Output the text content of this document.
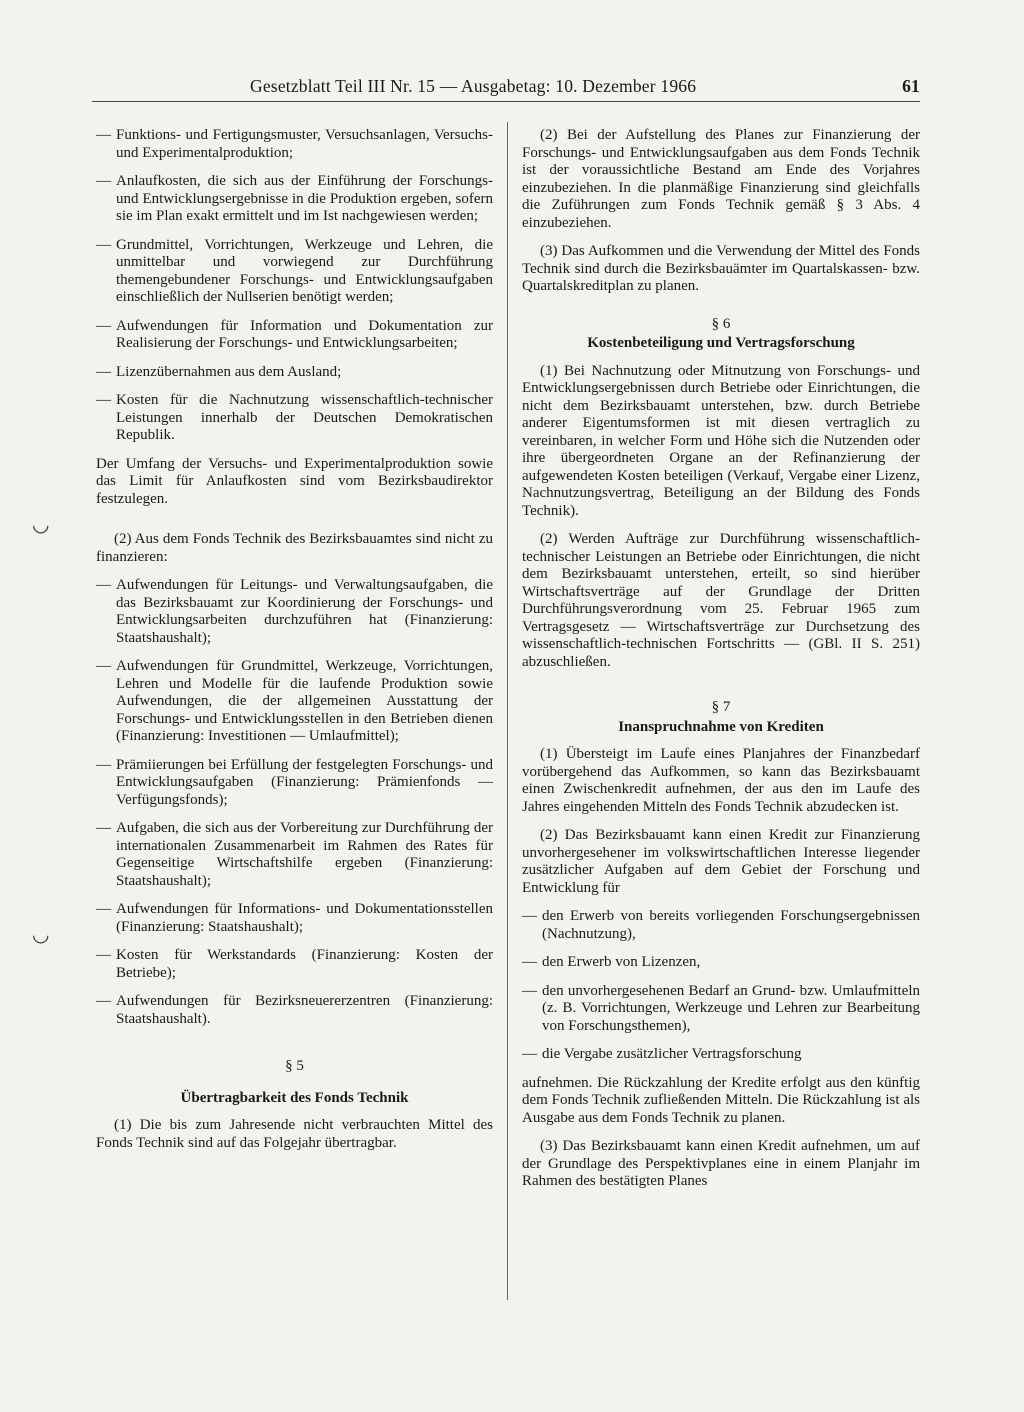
Gesetzblatt Teil III Nr. 15 — Ausgabetag: 10. Dezember 1966	61
◡
◡
— Funktions- und Fertigungsmuster, Versuchsanlagen, Versuchs- und Experimentalproduktion;
— Anlaufkosten, die sich aus der Einführung der Forschungs- und Entwicklungsergebnisse in die Produktion ergeben, sofern sie im Plan exakt ermittelt und im Ist nachgewiesen werden;
— Grundmittel, Vorrichtungen, Werkzeuge und Lehren, die unmittelbar und vorwiegend zur Durchführung themengebundener Forschungs- und Entwicklungsaufgaben einschließlich der Nullserien benötigt werden;
— Aufwendungen für Information und Dokumentation zur Realisierung der Forschungs- und Entwicklungsarbeiten;
— Lizenzübernahmen aus dem Ausland;
— Kosten für die Nachnutzung wissenschaftlich-technischer Leistungen innerhalb der Deutschen Demokratischen Republik.
Der Umfang der Versuchs- und Experimentalproduktion sowie das Limit für Anlaufkosten sind vom Bezirksbaudirektor festzulegen.
(2) Aus dem Fonds Technik des Bezirksbauamtes sind nicht zu finanzieren:
— Aufwendungen für Leitungs- und Verwaltungsaufgaben, die das Bezirksbauamt zur Koordinierung der Forschungs- und Entwicklungsarbeiten durchzuführen hat (Finanzierung: Staatshaushalt);
— Aufwendungen für Grundmittel, Werkzeuge, Vorrichtungen, Lehren und Modelle für die laufende Produktion sowie Aufwendungen, die der allgemeinen Ausstattung der Forschungs- und Entwicklungsstellen in den Betrieben dienen (Finanzierung: Investitionen — Umlaufmittel);
— Prämiierungen bei Erfüllung der festgelegten Forschungs- und Entwicklungsaufgaben (Finanzierung: Prämienfonds — Verfügungsfonds);
— Aufgaben, die sich aus der Vorbereitung zur Durchführung der internationalen Zusammenarbeit im Rahmen des Rates für Gegenseitige Wirtschaftshilfe ergeben (Finanzierung: Staatshaushalt);
— Aufwendungen für Informations- und Dokumentationsstellen (Finanzierung: Staatshaushalt);
— Kosten für Werkstandards (Finanzierung: Kosten der Betriebe);
— Aufwendungen für Bezirksneuererzentren (Finanzierung: Staatshaushalt).
§ 5
Übertragbarkeit des Fonds Technik
(1) Die bis zum Jahresende nicht verbrauchten Mittel des Fonds Technik sind auf das Folgejahr übertragbar.
(2) Bei der Aufstellung des Planes zur Finanzierung der Forschungs- und Entwicklungsaufgaben aus dem Fonds Technik ist der voraussichtliche Bestand am Ende des Vorjahres einzubeziehen. In die planmäßige Finanzierung sind gleichfalls die Zuführungen zum Fonds Technik gemäß § 3 Abs. 4 einzubeziehen.
(3) Das Aufkommen und die Verwendung der Mittel des Fonds Technik sind durch die Bezirksbauämter im Quartalskassen- bzw. Quartalskreditplan zu planen.
§ 6
Kostenbeteiligung und Vertragsforschung
(1) Bei Nachnutzung oder Mitnutzung von Forschungs- und Entwicklungsergebnissen durch Betriebe oder Einrichtungen, die nicht dem Bezirksbauamt unterstehen, bzw. durch Betriebe anderer Eigentumsformen ist mit diesen vertraglich zu vereinbaren, in welcher Form und Höhe sich die Nutzenden oder ihre übergeordneten Organe an der Refinanzierung der aufgewendeten Kosten beteiligen (Verkauf, Vergabe einer Lizenz, Nachnutzungsvertrag, Beteiligung an der Bildung des Fonds Technik).
(2) Werden Aufträge zur Durchführung wissenschaftlich-technischer Leistungen an Betriebe oder Einrichtungen, die nicht dem Bezirksbauamt unterstehen, erteilt, so sind hierüber Wirtschaftsverträge auf der Grundlage der Dritten Durchführungsverordnung vom 25. Februar 1965 zum Vertragsgesetz — Wirtschaftsverträge zur Durchsetzung des wissenschaftlich-technischen Fortschritts — (GBl. II S. 251) abzuschließen.
§ 7
Inanspruchnahme von Krediten
(1) Übersteigt im Laufe eines Planjahres der Finanzbedarf vorübergehend das Aufkommen, so kann das Bezirksbauamt einen Zwischenkredit aufnehmen, der aus den im Laufe des Jahres eingehenden Mitteln des Fonds Technik abzudecken ist.
(2) Das Bezirksbauamt kann einen Kredit zur Finanzierung unvorhergesehener im volkswirtschaftlichen Interesse liegender zusätzlicher Aufgaben auf dem Gebiet der Forschung und Entwicklung für
— den Erwerb von bereits vorliegenden Forschungsergebnissen (Nachnutzung),
— den Erwerb von Lizenzen,
— den unvorhergesehenen Bedarf an Grund- bzw. Umlaufmitteln (z. B. Vorrichtungen, Werkzeuge und Lehren zur Bearbeitung von Forschungsthemen),
— die Vergabe zusätzlicher Vertragsforschung
aufnehmen. Die Rückzahlung der Kredite erfolgt aus den künftig dem Fonds Technik zufließenden Mitteln. Die Rückzahlung ist als Ausgabe aus dem Fonds Technik zu planen.
(3) Das Bezirksbauamt kann einen Kredit aufnehmen, um auf der Grundlage des Perspektivplanes eine in einem Planjahr im Rahmen des bestätigten Planes
